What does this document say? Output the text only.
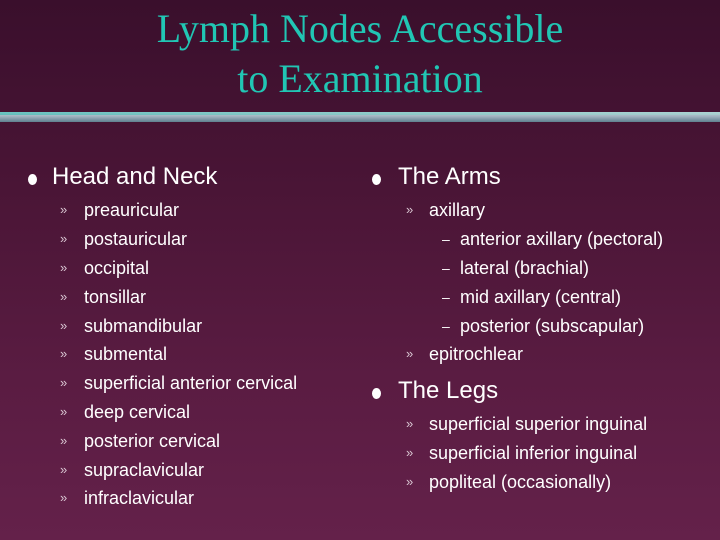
Lymph Nodes Accessible
to Examination
Head and Neck
» preauricular
» postauricular
» occipital
» tonsillar
» submandibular
» submental
» superficial anterior cervical
» deep cervical
» posterior cervical
» supraclavicular
» infraclavicular
The Arms
» axillary
– anterior axillary (pectoral)
– lateral (brachial)
– mid axillary (central)
– posterior (subscapular)
» epitrochlear
The Legs
» superficial superior inguinal
» superficial inferior inguinal
» popliteal (occasionally)
